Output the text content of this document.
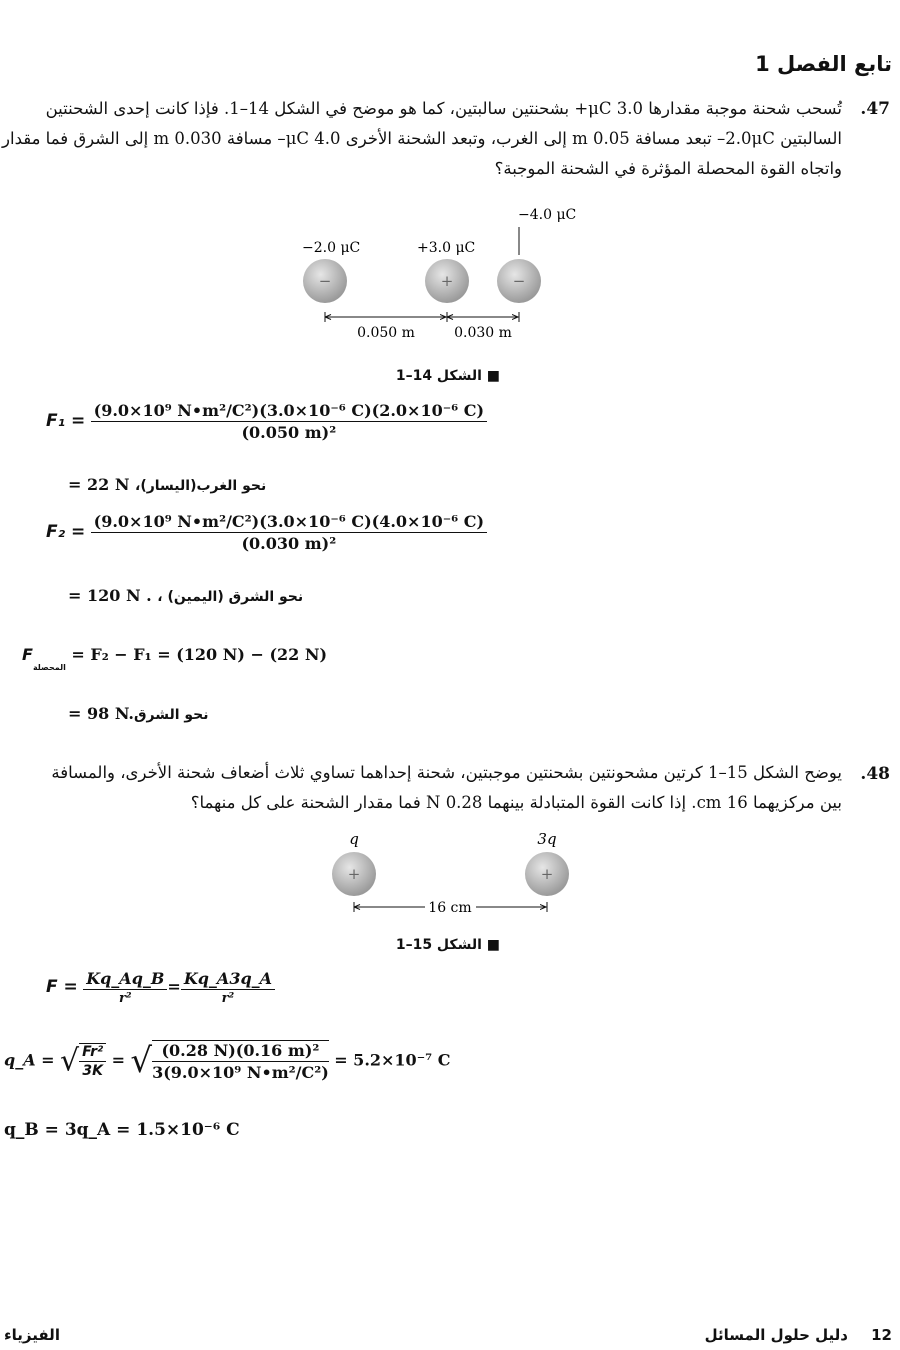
تابع الفصل 1
.47
تُسحب شحنة موجبة مقدارها 3.0 μC+ بشحنتين سالبتين، كما هو موضح في الشكل 14–1. فإذا كانت إحدى الشحنتين
السالبتين 2.0μC– تبعد مسافة 0.05 m إلى الغرب، وتبعد الشحنة الأخرى 4.0 μC– مسافة 0.030 m إلى الشرق فما مقدار
واتجاه القوة المحصلة المؤثرة في الشحنة الموجبة؟
−4.0 μC
−2.0 μC	+3.0 μC
−	+	−
0.050 m	0.030 m
■ الشكل 14–1
$F_1 = \frac{\text{(9.0×10⁹ N•m²/C²)(3.0×10⁻⁶ C)(2.0×10⁻⁶ C)}}{\text{(0.050 m)²}}$
= 22 N نحو الغرب(اليسار)،
$F_2 = \frac{\text{(9.0×10⁹ N•m²/C²)(3.0×10⁻⁶ C)(4.0×10⁻⁶ C)}}{\text{(0.030 m)²}}$
= 120 N . نحو الشرق (اليمين) ،
$F_{المحصلة} = F_2 - F_1 = (120$ N) − (22 N)
= 98 N.نحو الشرق
.48
يوضح الشكل 15–1 كرتين مشحونتين بشحنتين موجبتين، شحنة إحداهما تساوي ثلاث أضعاف شحنة الأخرى، والمسافة
بين مركزيهما 16 cm. إذا كانت القوة المتبادلة بينهما 0.28 N فما مقدار الشحنة على كل منهما؟
q	3q
+	+
16 cm
■ الشكل 15–1
$F = \frac{Kq\_Aq\_B}{\text{r²}} = \frac{Kq\_A3q\_A}{\text{r²}}$
q_A = √ $\frac{\text{Fr²}}{3K}$ = √ $\frac{\text{(0.28 N)(0.16 m)²}}{\text{3(9.0×10⁹ N•m²/C²)}} = 5.2\times 10^{-7}$ C
q_B = 3q_A = 1.5×10⁻⁶ C
12
دليل حلول المسائل
الفيزياء
